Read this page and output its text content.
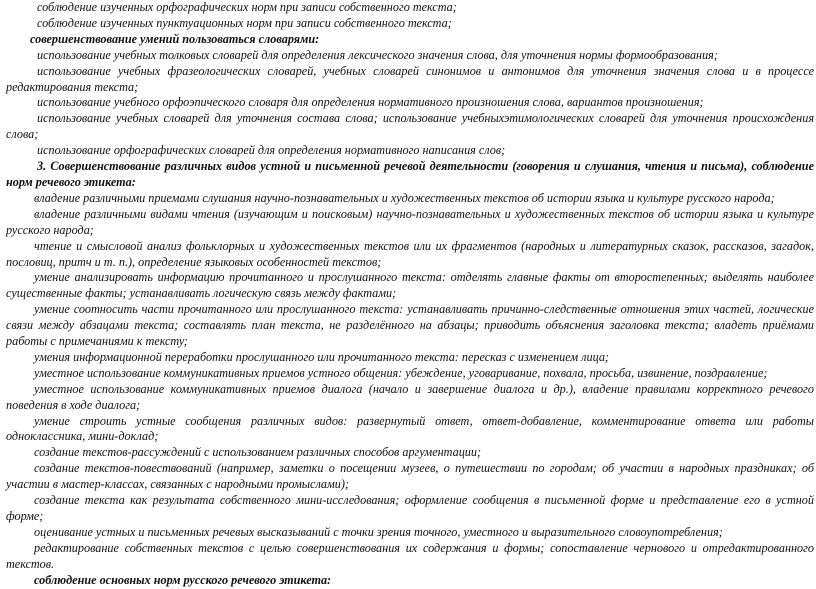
соблюдение изученных орфографических норм при записи собственного текста;

соблюдение изученных пунктуационных норм при записи собственного текста;

совершенствование умений пользоваться словарями:

использование учебных толковых словарей для определения лексического значения слова, для уточнения нормы формообразования;

использование учебных фразеологических словарей, учебных словарей синонимов и антонимов для уточнения значения слова и в процессе редактирования текста;

использование учебного орфоэпического словаря для определения нормативного произношения слова, вариантов произношения;

использование учебных словарей для уточнения состава слова; использование учебныхэтимологических словарей для уточнения происхождения слова;

использование орфографических словарей для определения нормативного написания слов;

3. Совершенствование различных видов устной и письменной речевой деятельности (говорения и слушания, чтения и письма), соблюдение норм речевого этикета:

владение различными приемами слушания научно-познавательных и художественных текстов об истории языка и культуре русского народа;

владение различными видами чтения (изучающим и поисковым) научно-познавательных и художественных текстов об истории языка и культуре русского народа;

чтение и смысловой анализ фольклорных и художественных текстов или их фрагментов (народных и литературных сказок, рассказов, загадок, пословиц, притч и т. п.), определение языковых особенностей текстов;

умение анализировать информацию прочитанного и прослушанного текста: отделять главные факты от второстепенных; выделять наиболее существенные факты; устанавливать логическую связь между фактами;

умение соотносить части прочитанного или прослушанного текста: устанавливать причинно-следственные отношения этих частей, логические связи между абзацами текста; составлять план текста, не разделённого на абзацы; приводить объяснения заголовка текста; владеть приёмами работы с примечаниями к тексту;

умения информационной переработки прослушанного или прочитанного текста: пересказ с изменением лица;

уместное использование коммуникативных приемов устного общения: убеждение, уговаривание, похвала, просьба, извинение, поздравление;

уместное использование коммуникативных приемов диалога (начало и завершение диалога и др.), владение правилами корректного речевого поведения в ходе диалога;

умение строить устные сообщения различных видов: развернутый ответ, ответ-добавление, комментирование ответа или работы одноклассника, мини-доклад;

создание текстов-рассуждений с использованием различных способов аргументации;

создание текстов-повествований (например, заметки о посещении музеев, о путешествии по городам; об участии в народных праздниках; об участии в мастер-классах, связанных с народными промыслами);

создание текста как результата собственного мини-исследования; оформление сообщения в письменной форме и представление его в устной форме;

оценивание устных и письменных речевых высказываний с точки зрения точного, уместного и выразительного словоупотребления;

редактирование собственных текстов с целью совершенствования их содержания и формы; сопоставление чернового и отредактированного текстов.

соблюдение основных норм русского речевого этикета:
